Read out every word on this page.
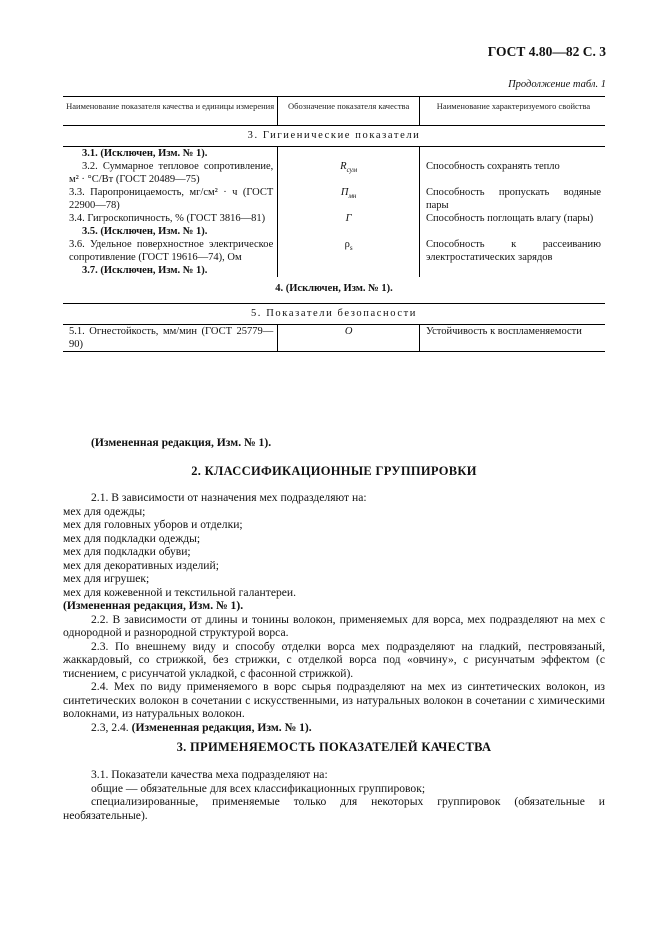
ГОСТ 4.80—82 С. 3
Продолжение табл. 1
Наименование показателя качества и единицы измерения	Обозначение показателя качества	Наименование характеризуемого свойства
3. Гигиенические показатели		

3.1. (Исключен, Изм. № 1).		

3.2. Суммарное тепловое сопротивление, м² · °С/Вт (ГОСТ 20489—75)	$R_{сум}$	Способность сохранять тепло

3.3. Паропроницаемость, мг/см² · ч (ГОСТ 22900—78)	$П_{мн}$	Способность пропускать водяные пары

3.4. Гигроскопичность, % (ГОСТ 3816—81)	Г	Способность поглощать влагу (пары)

3.5. (Исключен, Изм. № 1).		

3.6. Удельное поверхностное электрическое сопротивление (ГОСТ 19616—74), Ом	$\rho_s$	Способность к рассеиванию электростатических зарядов

3.7. (Исключен, Изм. № 1).		

4. (Исключен, Изм. № 1).		
5. Показатели безопасности		

5.1. Огнестойкость, мм/мин (ГОСТ 25779—90)	О	Устойчивость к воспламеняемости

(Измененная редакция, Изм. № 1).

2. КЛАССИФИКАЦИОННЫЕ ГРУППИРОВКИ

2.1. В зависимости от назначения мех подразделяют на:

мех для одежды;

мех для головных уборов и отделки;

мех для подкладки одежды;

мех для подкладки обуви;

мех для декоративных изделий;

мех для игрушек;

мех для кожевенной и текстильной галантереи.

(Измененная редакция, Изм. № 1).

2.2. В зависимости от длины и тонины волокон, применяемых для ворса, мех подразделяют на мех с однородной и разнородной структурой ворса.

2.3. По внешнему виду и способу отделки ворса мех подразделяют на гладкий, пестровязаный, жаккардовый, со стрижкой, без стрижки, с отделкой ворса под «овчину», с рисунчатым эффектом (с тиснением, с рисунчатой укладкой, с фасонной стрижкой).

2.4. Мех по виду применяемого в ворс сырья подразделяют на мех из синтетических волокон, из синтетических волокон в сочетании с искусственными, из натуральных волокон в сочетании с химическими волокнами, из натуральных волокон.

2.3, 2.4. (Измененная редакция, Изм. № 1).

3. ПРИМЕНЯЕМОСТЬ ПОКАЗАТЕЛЕЙ КАЧЕСТВА

3.1. Показатели качества меха подразделяют на:

общие — обязательные для всех классификационных группировок;

специализированные, применяемые только для некоторых группировок (обязательные и необязательные).
